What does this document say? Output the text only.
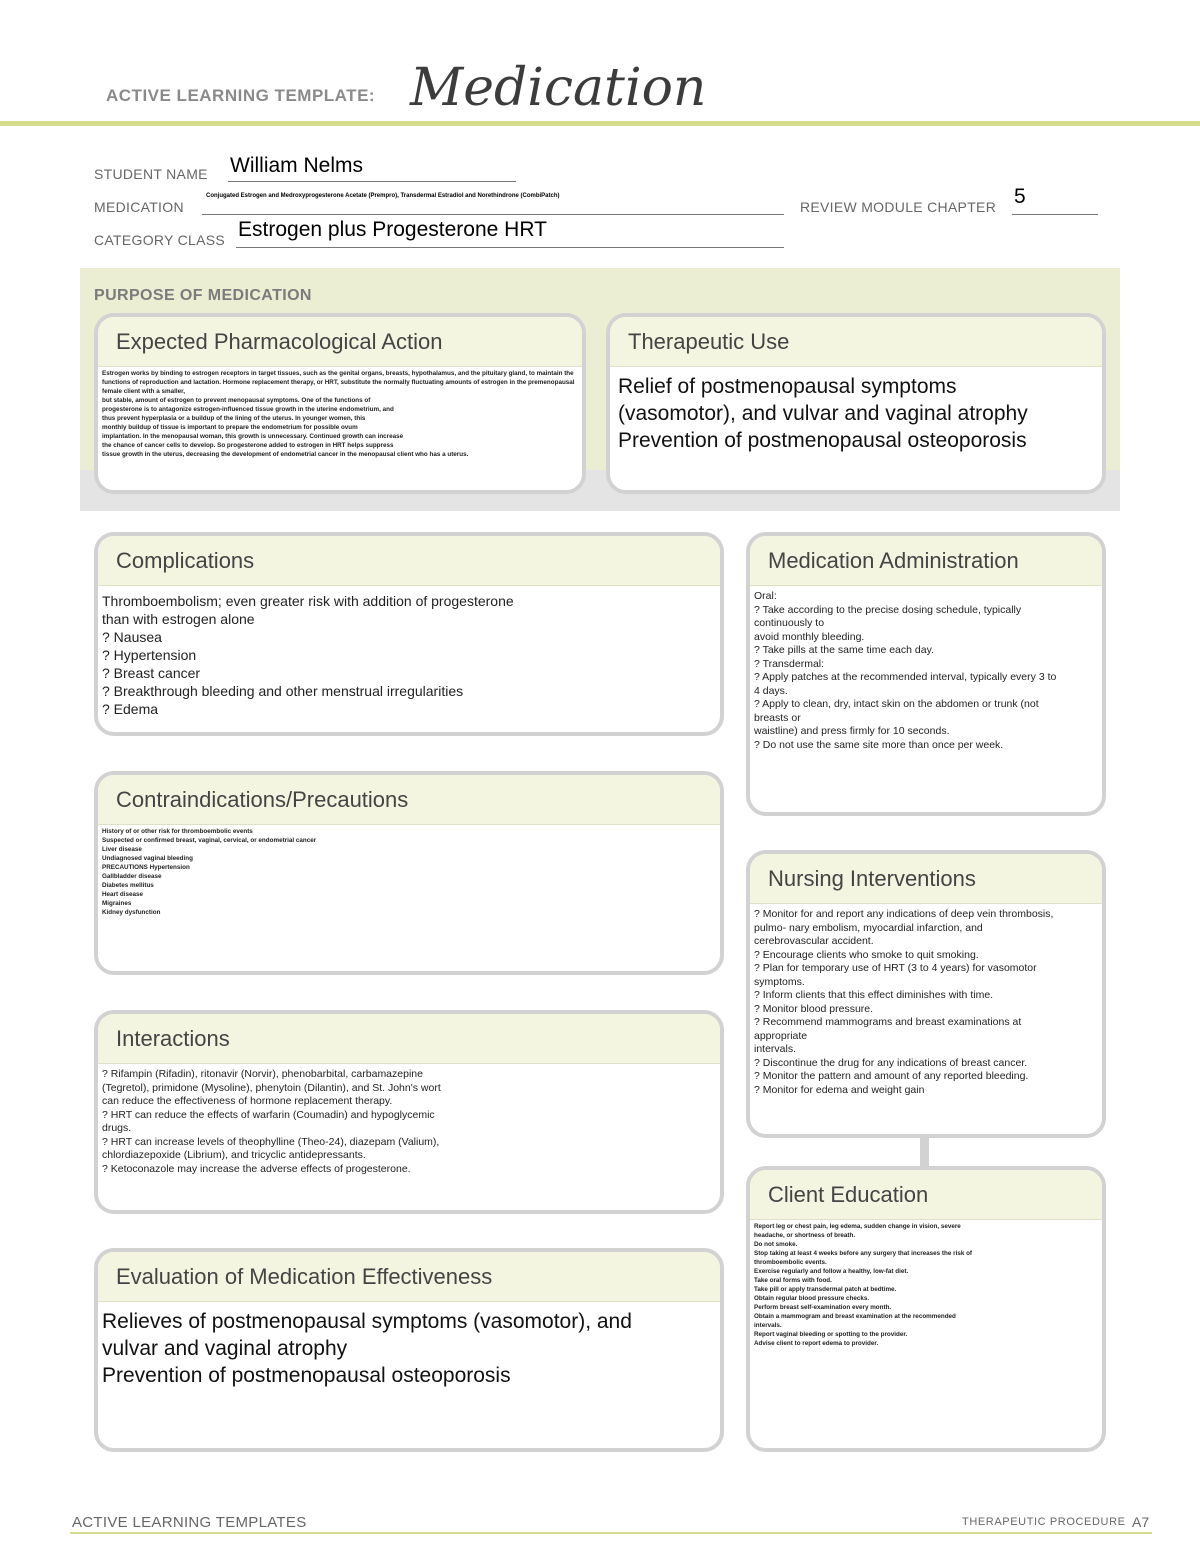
ACTIVE LEARNING TEMPLATE: Medication
STUDENT NAME William Nelms
MEDICATION
Conjugated Estrogen and Medroxyprogesterone Acetate (Prempro), Transdermal Estradiol and Norethindrone (CombiPatch)
REVIEW MODULE CHAPTER 5
CATEGORY CLASS Estrogen plus Progesterone HRT
PURPOSE OF MEDICATION
Expected Pharmacological Action
Estrogen works by binding to estrogen receptors in target tissues, such as the genital organs, breasts, hypothalamus, and the pituitary gland, to maintain the functions of reproduction and lactation. Hormone replacement therapy, or HRT, substitute the normally fluctuating amounts of estrogen in the premenopausal female client with a smaller,
but stable, amount of estrogen to prevent menopausal symptoms. One of the functions of
progesterone is to antagonize estrogen-influenced tissue growth in the uterine endometrium, and
thus prevent hyperplasia or a buildup of the lining of the uterus. In younger women, this
monthly buildup of tissue is important to prepare the endometrium for possible ovum
implantation. In the menopausal woman, this growth is unnecessary. Continued growth can increase
the chance of cancer cells to develop. So progesterone added to estrogen in HRT helps suppress
tissue growth in the uterus, decreasing the development of endometrial cancer in the menopausal client who has a uterus.
Therapeutic Use
Relief of postmenopausal symptoms
(vasomotor), and vulvar and vaginal atrophy
Prevention of postmenopausal osteoporosis
Complications
Thromboembolism; even greater risk with addition of progesterone
than with estrogen alone
? Nausea
? Hypertension
? Breast cancer
? Breakthrough bleeding and other menstrual irregularities
? Edema
Contraindications/Precautions
History of or other risk for thromboembolic events
Suspected or confirmed breast, vaginal, cervical, or endometrial cancer
Liver disease
Undiagnosed vaginal bleeding
PRECAUTIONS Hypertension
Gallbladder disease
Diabetes mellitus
Heart disease
Migraines
Kidney dysfunction
Interactions
? Rifampin (Rifadin), ritonavir (Norvir), phenobarbital, carbamazepine
(Tegretol), primidone (Mysoline), phenytoin (Dilantin), and St. John's wort
can reduce the effectiveness of hormone replacement therapy.
? HRT can reduce the effects of warfarin (Coumadin) and hypoglycemic
drugs.
? HRT can increase levels of theophylline (Theo-24), diazepam (Valium),
chlordiazepoxide (Librium), and tricyclic antidepressants.
? Ketoconazole may increase the adverse effects of progesterone.
Evaluation of Medication Effectiveness
Relieves of postmenopausal symptoms (vasomotor), and
vulvar and vaginal atrophy
Prevention of postmenopausal osteoporosis
Medication Administration
Oral:
? Take according to the precise dosing schedule, typically
continuously to
avoid monthly bleeding.
? Take pills at the same time each day.
? Transdermal:
? Apply patches at the recommended interval, typically every 3 to
4 days.
? Apply to clean, dry, intact skin on the abdomen or trunk (not
breasts or
waistline) and press firmly for 10 seconds.
? Do not use the same site more than once per week.
Nursing Interventions
? Monitor for and report any indications of deep vein thrombosis,
pulmo- nary embolism, myocardial infarction, and
cerebrovascular accident.
? Encourage clients who smoke to quit smoking.
? Plan for temporary use of HRT (3 to 4 years) for vasomotor
symptoms.
? Inform clients that this effect diminishes with time.
? Monitor blood pressure.
? Recommend mammograms and breast examinations at
appropriate
intervals.
? Discontinue the drug for any indications of breast cancer.
? Monitor the pattern and amount of any reported bleeding.
? Monitor for edema and weight gain
Client Education
Report leg or chest pain, leg edema, sudden change in vision, severe
headache, or shortness of breath.
Do not smoke.
Stop taking at least 4 weeks before any surgery that increases the risk of
thromboembolic events.
Exercise regularly and follow a healthy, low-fat diet.
Take oral forms with food.
Take pill or apply transdermal patch at bedtime.
Obtain regular blood pressure checks.
Perform breast self-examination every month.
Obtain a mammogram and breast examination at the recommended
intervals.
Report vaginal bleeding or spotting to the provider.
Advise client to report edema to provider.
ACTIVE LEARNING TEMPLATES	THERAPEUTIC PROCEDURE A7
